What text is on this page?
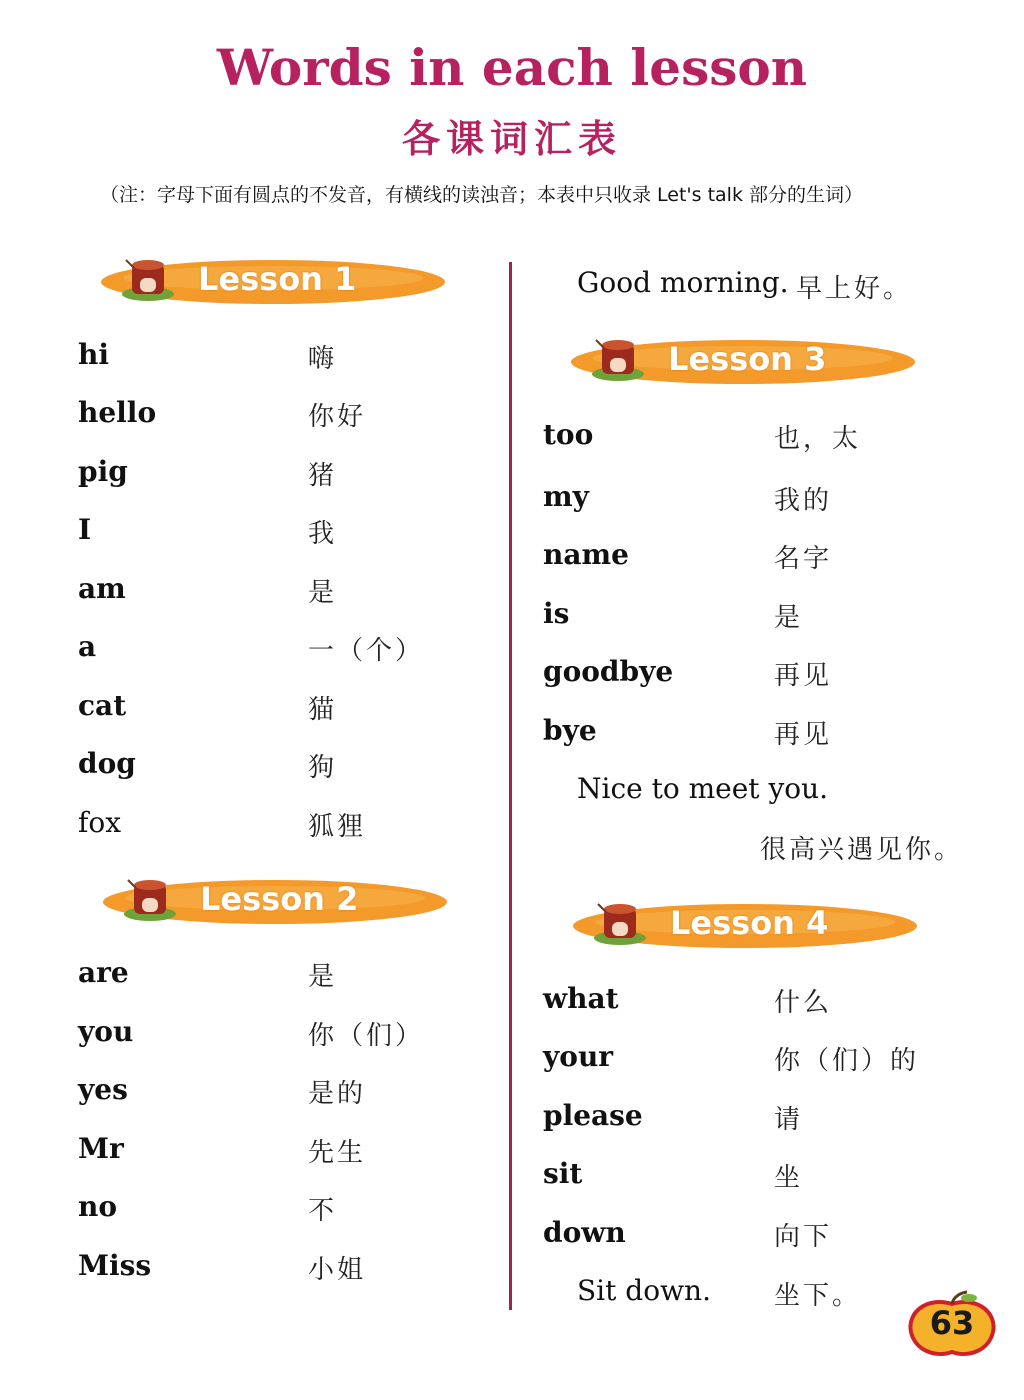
Words in each lesson
各课词汇表
（注：字母下面有圆点的不发音，有横线的读浊音；本表中只收录 Let's talk 部分的生词）
Lesson 1
hi	嗨
hello	你好
pig	猪
I	我
am	是
a	一（个）
cat	猫
dog	狗
fox	狐狸
Lesson 2
are	是
you	你（们）
yes	是的
Mr	先生
no	不
Miss	小姐
Good morning. 早上好。
Lesson 3
too	也，太
my	我的
name	名字
is	是
goodbye	再见
bye	再见
Nice to meet you.
很高兴遇见你。
Lesson 4
what	什么
your	你（们）的
please	请
sit	坐
down	向下
Sit down. 坐下。
63
